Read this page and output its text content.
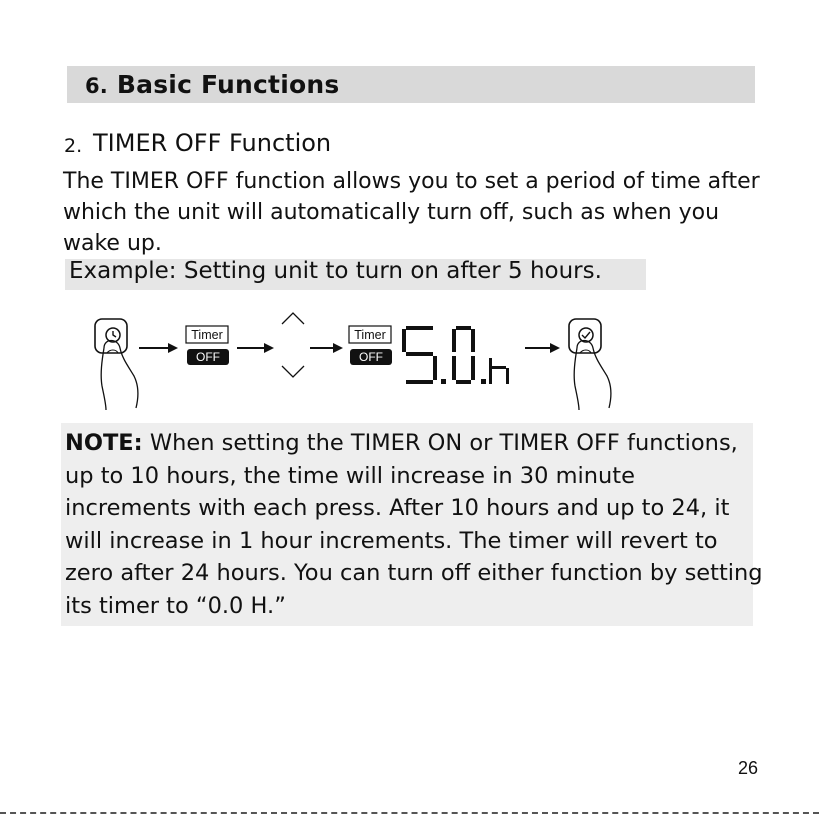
6. Basic Functions
2. TIMER OFF Function

The TIMER OFF function allows you to set a period of time after which the unit will automatically turn off, such as when you wake up.

Example: Setting unit to turn on after 5 hours.
Timer
OFF
Timer
OFF

NOTE: When setting the TIMER ON or TIMER OFF functions, up to 10 hours, the time will increase in 30 minute increments with each press. After 10 hours and up to 24, it will increase in 1 hour increments. The timer will revert to zero after 24 hours. You can turn off either function by setting its timer to “0.0 H.”

26
